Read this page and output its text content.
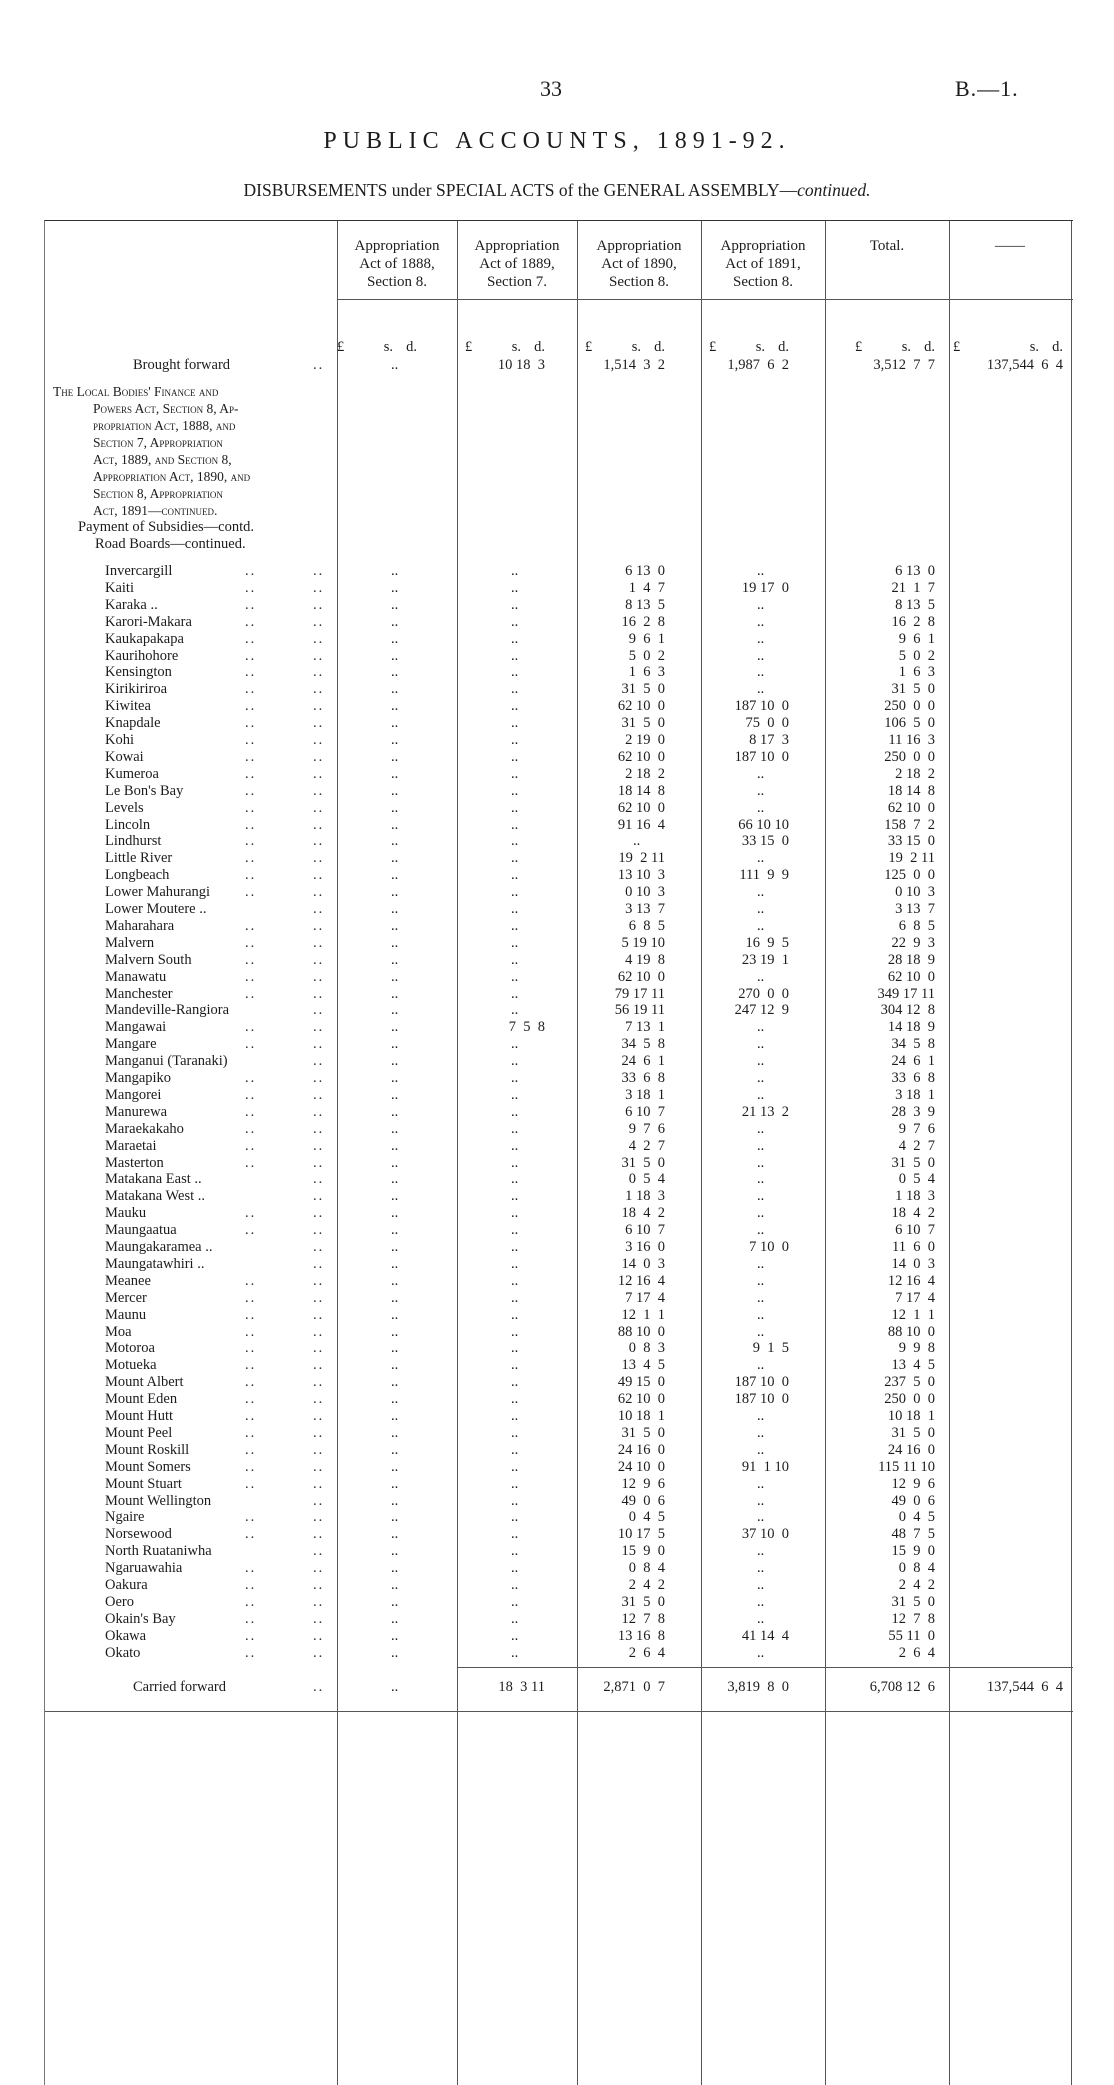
33	B.—1.
PUBLIC ACCOUNTS, 1891-92.
DISBURSEMENTS under SPECIAL ACTS of the GENERAL ASSEMBLY—continued.
Appropriation
Act of 1888,
Section 8.
Appropriation
Act of 1889,
Section 7.
Appropriation
Act of 1890,
Section 8.
Appropriation
Act of 1891,
Section 8.
Total.	——
£	s. d.	£	s. d.	£	s. d.	£	s. d.	£	s. d. £	s. d.
Brought forward	..	..	10 18  3	1,514  3  2	1,987  6  2	3,512  7  7	137,544  6  4
The Local Bodies' Finance and
Powers Act, Section 8, Ap-
propriation Act, 1888, and
Section 7, Appropriation
Act, 1889, and Section 8,
Appropriation Act, 1890, and
Section 8, Appropriation
Act, 1891—continued.
Payment of Subsidies—contd.
Road Boards—continued.
Invercargill	..	..	..	..	6 13  0	..	6 13  0
Kaiti	..	..	..	..	1  4  7	19 17  0	21  1  7
Karaka ..	..	..	..	..	8 13  5	..	8 13  5
Karori-Makara	..	..	..	..	16  2  8	..	16  2  8
Kaukapakapa	..	..	..	..	9  6  1	..	9  6  1
Kaurihohore	..	..	..	..	5  0  2	..	5  0  2
Kensington	..	..	..	..	1  6  3	..	1  6  3
Kirikiriroa	..	..	..	..	31  5  0	..	31  5  0
Kiwitea	..	..	..	..	62 10  0	187 10  0	250  0  0
Knapdale	..	..	..	..	31  5  0	75  0  0	106  5  0
Kohi	..	..	..	..	2 19  0	8 17  3	11 16  3
Kowai	..	..	..	..	62 10  0	187 10  0	250  0  0
Kumeroa	..	..	..	..	2 18  2	..	2 18  2
Le Bon's Bay	..	..	..	..	18 14  8	..	18 14  8
Levels	..	..	..	..	62 10  0	..	62 10  0
Lincoln	..	..	..	..	91 16  4	66 10 10	158  7  2
Lindhurst	..	..	..	..	..	33 15  0	33 15  0
Little River	..	..	..	..	19  2 11	..	19  2 11
Longbeach	..	..	..	..	13 10  3	111  9  9	125  0  0
Lower Mahurangi ..	..	..	..	0 10  3	..	0 10  3
Lower Moutere ..	..	..	..	3 13  7	..	3 13  7
Maharahara	..	..	..	..	6  8  5	..	6  8  5
Malvern	..	..	..	..	5 19 10	16  9  5	22  9  3
Malvern South	..	..	..	..	4 19  8	23 19  1	28 18  9
Manawatu	..	..	..	..	62 10  0	..	62 10  0
Manchester	..	..	..	..	79 17 11	270  0  0	349 17 11
Mandeville-Rangiora	..	..	..	56 19 11	247 12  9	304 12  8
Mangawai	..	..	..	7  5  8	7 13  1	..	14 18  9
Mangare	..	..	..	..	34  5  8	..	34  5  8
Manganui (Taranaki)	..	..	..	24  6  1	..	24  6  1
Mangapiko	..	..	..	..	33  6  8	..	33  6  8
Mangorei	..	..	..	..	3 18  1	..	3 18  1
Manurewa	..	..	..	..	6 10  7	21 13  2	28  3  9
Maraekakaho	..	..	..	..	9  7  6	..	9  7  6
Maraetai	..	..	..	..	4  2  7	..	4  2  7
Masterton	..	..	..	..	31  5  0	..	31  5  0
Matakana East ..	..	..	..	0  5  4	..	0  5  4
Matakana West ..	..	..	..	1 18  3	..	1 18  3
Mauku	..	..	..	..	18  4  2	..	18  4  2
Maungaatua	..	..	..	..	6 10  7	..	6 10  7
Maungakaramea ..	..	..	..	3 16  0	7 10  0	11  6  0
Maungatawhiri ..	..	..	..	14  0  3	..	14  0  3
Meanee	..	..	..	..	12 16  4	..	12 16  4
Mercer	..	..	..	..	7 17  4	..	7 17  4
Maunu	..	..	..	..	12  1  1	..	12  1  1
Moa	..	..	..	..	88 10  0	..	88 10  0
Motoroa	..	..	..	..	0  8  3	9  1  5	9  9  8
Motueka	..	..	..	..	13  4  5	..	13  4  5
Mount Albert	..	..	..	..	49 15  0	187 10  0	237  5  0
Mount Eden	..	..	..	..	62 10  0	187 10  0	250  0  0
Mount Hutt	..	..	..	..	10 18  1	..	10 18  1
Mount Peel	..	..	..	..	31  5  0	..	31  5  0
Mount Roskill	..	..	..	..	24 16  0	..	24 16  0
Mount Somers	..	..	..	..	24 10  0	91  1 10	115 11 10
Mount Stuart	..	..	..	..	12  9  6	..	12  9  6
Mount Wellington	..	..	..	49  0  6	..	49  0  6
Ngaire	..	..	..	..	0  4  5	..	0  4  5
Norsewood	..	..	..	..	10 17  5	37 10  0	48  7  5
North Ruataniwha	..	..	..	15  9  0	..	15  9  0
Ngaruawahia	..	..	..	..	0  8  4	..	0  8  4
Oakura	..	..	..	..	2  4  2	..	2  4  2
Oero	..	..	..	..	31  5  0	..	31  5  0
Okain's Bay	..	..	..	..	12  7  8	..	12  7  8
Okawa	..	..	..	..	13 16  8	41 14  4	55 11  0
Okato	..	..	..	..	2  6  4	..	2  6  4
Carried forward	..	..	18  3 11	2,871  0  7	3,819  8  0	6,708 12  6	137,544  6  4
